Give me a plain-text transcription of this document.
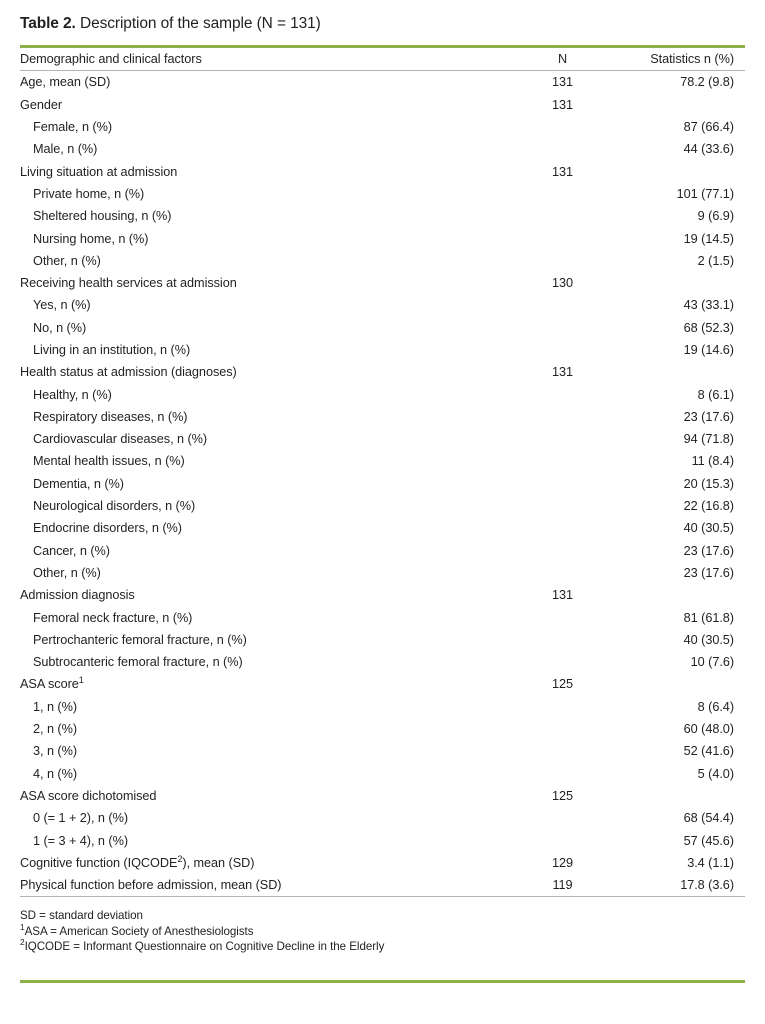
Table 2. Description of the sample (N = 131)
Demographic and clinical factors	N	Statistics n (%)
Age, mean (SD)	131	78.2 (9.8)
Gender	131	
Female, n (%)		87 (66.4)
Male, n (%)		44 (33.6)
Living situation at admission	131	
Private home, n (%)		101 (77.1)
Sheltered housing, n (%)		9 (6.9)
Nursing home, n (%)		19 (14.5)
Other, n (%)		2 (1.5)
Receiving health services at admission	130	
Yes, n (%)		43 (33.1)
No, n (%)		68 (52.3)
Living in an institution, n (%)		19 (14.6)
Health status at admission (diagnoses)	131	
Healthy, n (%)		8 (6.1)
Respiratory diseases, n (%)		23 (17.6)
Cardiovascular diseases, n (%)		94 (71.8)
Mental health issues, n (%)		11 (8.4)
Dementia, n (%)		20 (15.3)
Neurological disorders, n (%)		22 (16.8)
Endocrine disorders, n (%)		40 (30.5)
Cancer, n (%)		23 (17.6)
Other, n (%)		23 (17.6)
Admission diagnosis	131	
Femoral neck fracture, n (%)		81 (61.8)
Pertrochanteric femoral fracture, n (%)		40 (30.5)
Subtrocanteric femoral fracture, n (%)		10 (7.6)
ASA score$^1$	125	
1, n (%)		8 (6.4)
2, n (%)		60 (48.0)
3, n (%)		52 (41.6)
4, n (%)		5 (4.0)
ASA score dichotomised	125	
0 (= 1 + 2), n (%)		68 (54.4)
1 (= 3 + 4), n (%)		57 (45.6)
Cognitive function (IQCODE$^2$), mean (SD)	129	3.4 (1.1)
Physical function before admission, mean (SD)	119	17.8 (3.6)
SD = standard deviation
$^1$ASA = American Society of Anesthesiologists
$^2$IQCODE = Informant Questionnaire on Cognitive Decline in the Elderly
